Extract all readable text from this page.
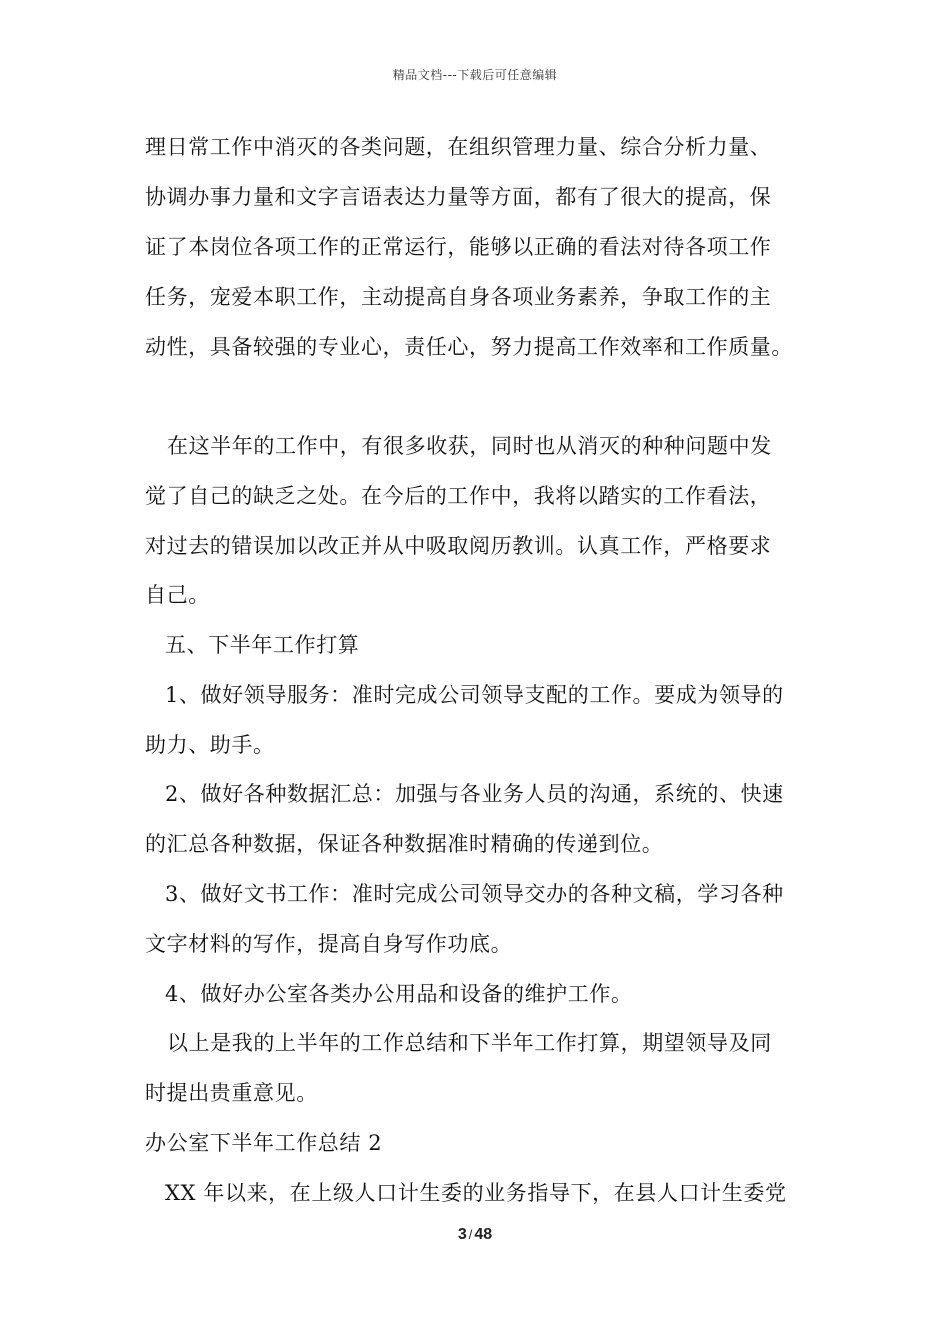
精品文档---下载后可任意编辑
理日常工作中消灭的各类问题，在组织管理力量、综合分析力量、
协调办事力量和文字言语表达力量等方面，都有了很大的提高，保
证了本岗位各项工作的正常运行，能够以正确的看法对待各项工作
任务，宠爱本职工作，主动提高自身各项业务素养，争取工作的主
动性，具备较强的专业心，责任心，努力提高工作效率和工作质量。
在这半年的工作中，有很多收获，同时也从消灭的种种问题中发
觉了自己的缺乏之处。在今后的工作中，我将以踏实的工作看法，
对过去的错误加以改正并从中吸取阅历教训。认真工作，严格要求
自己。
五、下半年工作打算
1、做好领导服务：准时完成公司领导支配的工作。要成为领导的
助力、助手。
2、做好各种数据汇总：加强与各业务人员的沟通，系统的、快速
的汇总各种数据，保证各种数据准时精确的传递到位。
3、做好文书工作：准时完成公司领导交办的各种文稿，学习各种
文字材料的写作，提高自身写作功底。
4、做好办公室各类办公用品和设备的维护工作。
以上是我的上半年的工作总结和下半年工作打算，期望领导及同
时提出贵重意见。
办公室下半年工作总结 2
XX 年以来，在上级人口计生委的业务指导下，在县人口计生委党
3 / 48
